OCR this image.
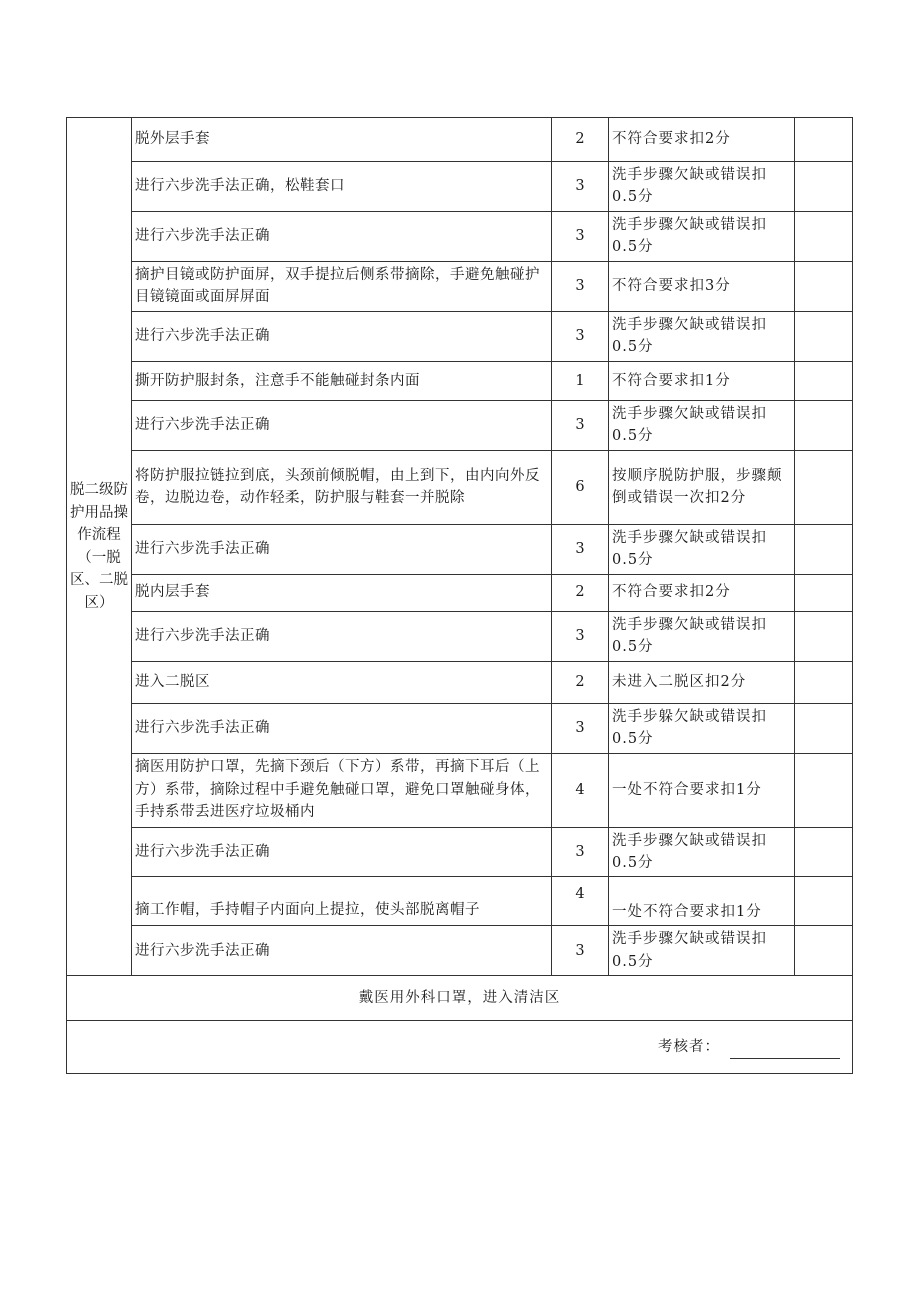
脱二级防护用品操作流程（一脱区、二脱区）	脱外层手套	2	不符合要求扣2分	
	进行六步洗手法正确，松鞋套口	3	洗手步骤欠缺或错误扣0.5分	
	进行六步洗手法正确	3	洗手步骤欠缺或错误扣0.5分	
	摘护目镜或防护面屏，双手提拉后侧系带摘除，手避免触碰护目镜镜面或面屏屏面	3	不符合要求扣3分	
	进行六步洗手法正确	3	洗手步骤欠缺或错误扣0.5分	
	撕开防护服封条，注意手不能触碰封条内面	1	不符合要求扣1分	
	进行六步洗手法正确	3	洗手步骤欠缺或错误扣0.5分	
	将防护服拉链拉到底，头颈前倾脱帽，由上到下，由内向外反卷，边脱边卷，动作轻柔，防护服与鞋套一并脱除	6	按顺序脱防护服，步骤颠倒或错误一次扣2分	
	进行六步洗手法正确	3	洗手步骤欠缺或错误扣0.5分	
	脱内层手套	2	不符合要求扣2分	
	进行六步洗手法正确	3	洗手步骤欠缺或错误扣0.5分	
	进入二脱区	2	未进入二脱区扣2分	
	进行六步洗手法正确	3	洗手步躲欠缺或错误扣0.5分	
	摘医用防护口罩，先摘下颈后（下方）系带，再摘下耳后（上方）系带，摘除过程中手避免触碰口罩，避免口罩触碰身体，手持系带丢进医疗垃圾桶内	4	一处不符合要求扣1分	
	进行六步洗手法正确	3	洗手步骤欠缺或错误扣0.5分	
	摘工作帽，手持帽子内面向上提拉，使头部脱离帽子	4	一处不符合要求扣1分	
	进行六步洗手法正确	3	洗手步骤欠缺或错误扣0.5分	
戴医用外科口罩，进入清洁区				
考核者：				
